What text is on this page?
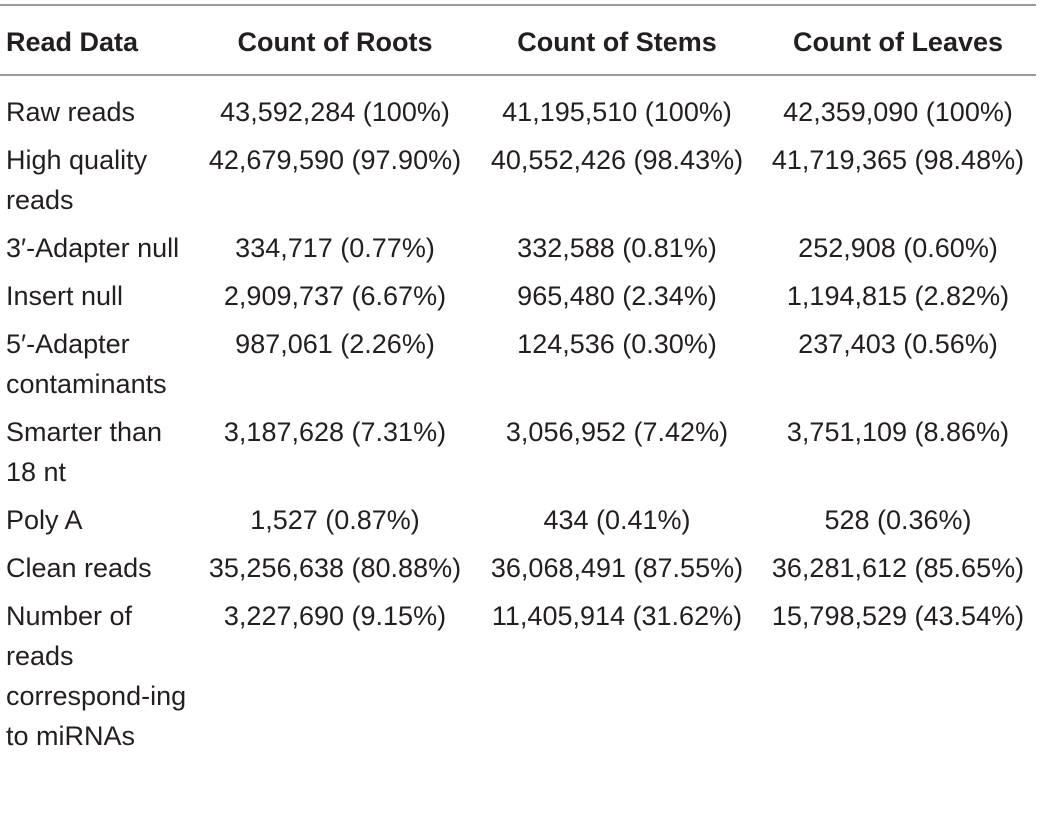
Read Data	Count of Roots	Count of Stems	Count of Leaves
Raw reads	43,592,284 (100%)	41,195,510 (100%)	42,359,090 (100%)
High quality reads	42,679,590 (97.90%)	40,552,426 (98.43%)	41,719,365 (98.48%)
3′-Adapter null	334,717 (0.77%)	332,588 (0.81%)	252,908 (0.60%)
Insert null	2,909,737 (6.67%)	965,480 (2.34%)	1,194,815 (2.82%)
5′-Adapter contaminants	987,061 (2.26%)	124,536 (0.30%)	237,403 (0.56%)
Smarter than 18 nt	3,187,628 (7.31%)	3,056,952 (7.42%)	3,751,109 (8.86%)
Poly A	1,527 (0.87%)	434 (0.41%)	528 (0.36%)
Clean reads	35,256,638 (80.88%)	36,068,491 (87.55%)	36,281,612 (85.65%)
Number of reads correspond-ing to miRNAs	3,227,690 (9.15%)	11,405,914 (31.62%)	15,798,529 (43.54%)
